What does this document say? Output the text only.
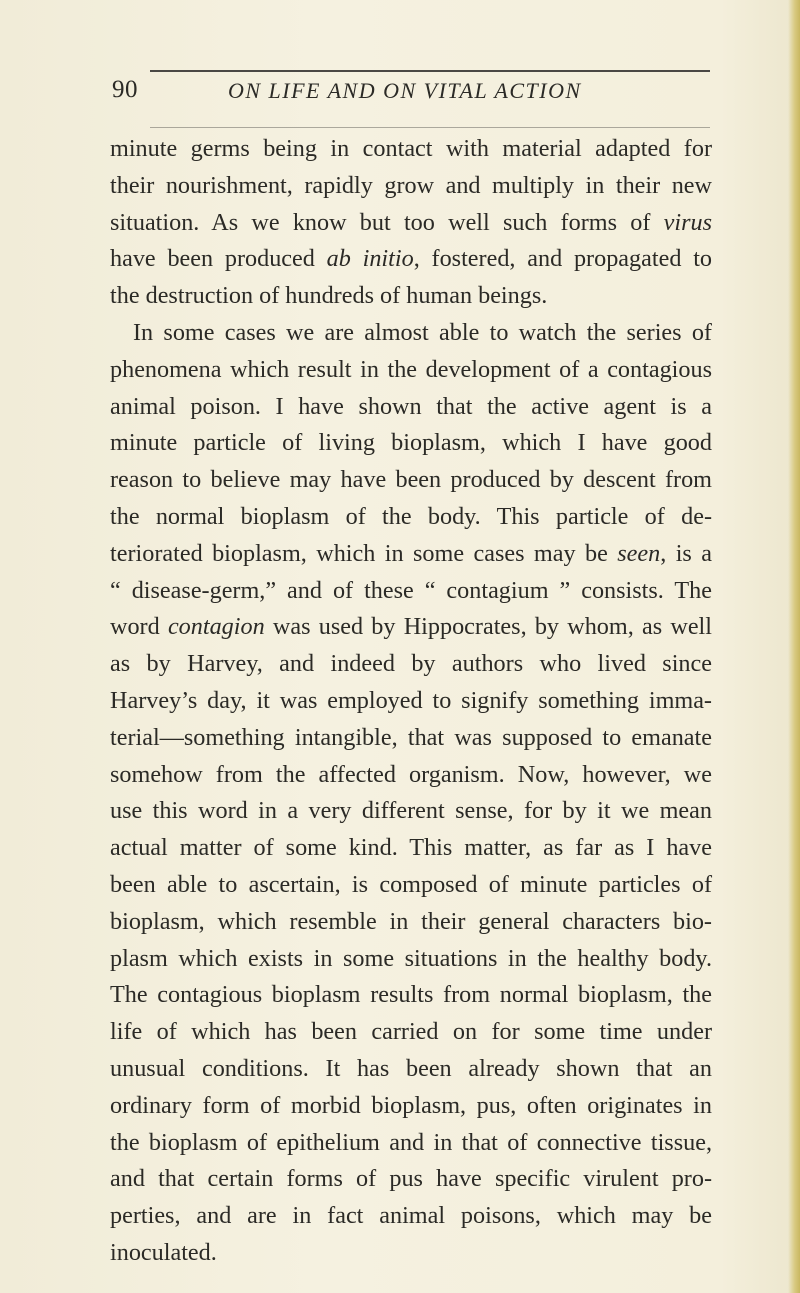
90	ON LIFE AND ON VITAL ACTION
minute germs being in contact with material adapted for
their nourishment, rapidly grow and multiply in their new
situation. As we know but too well such forms of virus
have been produced ab initio, fostered, and propagated to
the destruction of hundreds of human beings.
In some cases we are almost able to watch the series of
phenomena which result in the development of a contagious
animal poison. I have shown that the active agent is a
minute particle of living bioplasm, which I have good
reason to believe may have been produced by descent from
the normal bioplasm of the body. This particle of de-
teriorated bioplasm, which in some cases may be seen, is a
“ disease-germ,” and of these “ contagium ” consists. The
word contagion was used by Hippocrates, by whom, as well
as by Harvey, and indeed by authors who lived since
Harvey’s day, it was employed to signify something imma-
terial—something intangible, that was supposed to emanate
somehow from the affected organism. Now, however, we
use this word in a very different sense, for by it we mean
actual matter of some kind. This matter, as far as I have
been able to ascertain, is composed of minute particles of
bioplasm, which resemble in their general characters bio-
plasm which exists in some situations in the healthy body.
The contagious bioplasm results from normal bioplasm, the
life of which has been carried on for some time under
unusual conditions. It has been already shown that an
ordinary form of morbid bioplasm, pus, often originates in
the bioplasm of epithelium and in that of connective tissue,
and that certain forms of pus have specific virulent pro-
perties, and are in fact animal poisons, which may be
inoculated.
